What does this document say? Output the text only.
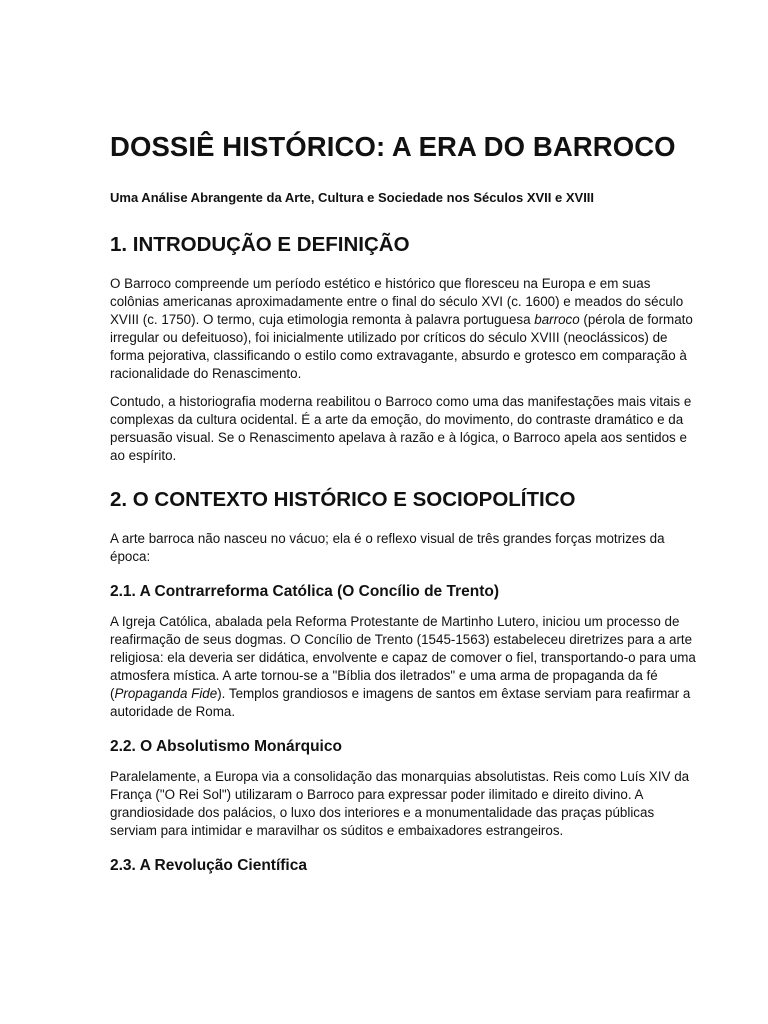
DOSSIÊ HISTÓRICO: A ERA DO BARROCO
Uma Análise Abrangente da Arte, Cultura e Sociedade nos Séculos XVII e XVIII
1. INTRODUÇÃO E DEFINIÇÃO

O Barroco compreende um período estético e histórico que floresceu na Europa e em suas colônias americanas aproximadamente entre o final do século XVI (c. 1600) e meados do século XVIII (c. 1750). O termo, cuja etimologia remonta à palavra portuguesa barroco (pérola de formato irregular ou defeituoso), foi inicialmente utilizado por críticos do século XVIII (neoclássicos) de forma pejorativa, classificando o estilo como extravagante, absurdo e grotesco em comparação à racionalidade do Renascimento.

Contudo, a historiografia moderna reabilitou o Barroco como uma das manifestações mais vitais e complexas da cultura ocidental. É a arte da emoção, do movimento, do contraste dramático e da persuasão visual. Se o Renascimento apelava à razão e à lógica, o Barroco apela aos sentidos e ao espírito.

2. O CONTEXTO HISTÓRICO E SOCIOPOLÍTICO

A arte barroca não nasceu no vácuo; ela é o reflexo visual de três grandes forças motrizes da época:

2.1. A Contrarreforma Católica (O Concílio de Trento)

A Igreja Católica, abalada pela Reforma Protestante de Martinho Lutero, iniciou um processo de reafirmação de seus dogmas. O Concílio de Trento (1545-1563) estabeleceu diretrizes para a arte religiosa: ela deveria ser didática, envolvente e capaz de comover o fiel, transportando-o para uma atmosfera mística. A arte tornou-se a "Bíblia dos iletrados" e uma arma de propaganda da fé (Propaganda Fide). Templos grandiosos e imagens de santos em êxtase serviam para reafirmar a autoridade de Roma.

2.2. O Absolutismo Monárquico

Paralelamente, a Europa via a consolidação das monarquias absolutistas. Reis como Luís XIV da França ("O Rei Sol") utilizaram o Barroco para expressar poder ilimitado e direito divino. A grandiosidade dos palácios, o luxo dos interiores e a monumentalidade das praças públicas serviam para intimidar e maravilhar os súditos e embaixadores estrangeiros.

2.3. A Revolução Científica
